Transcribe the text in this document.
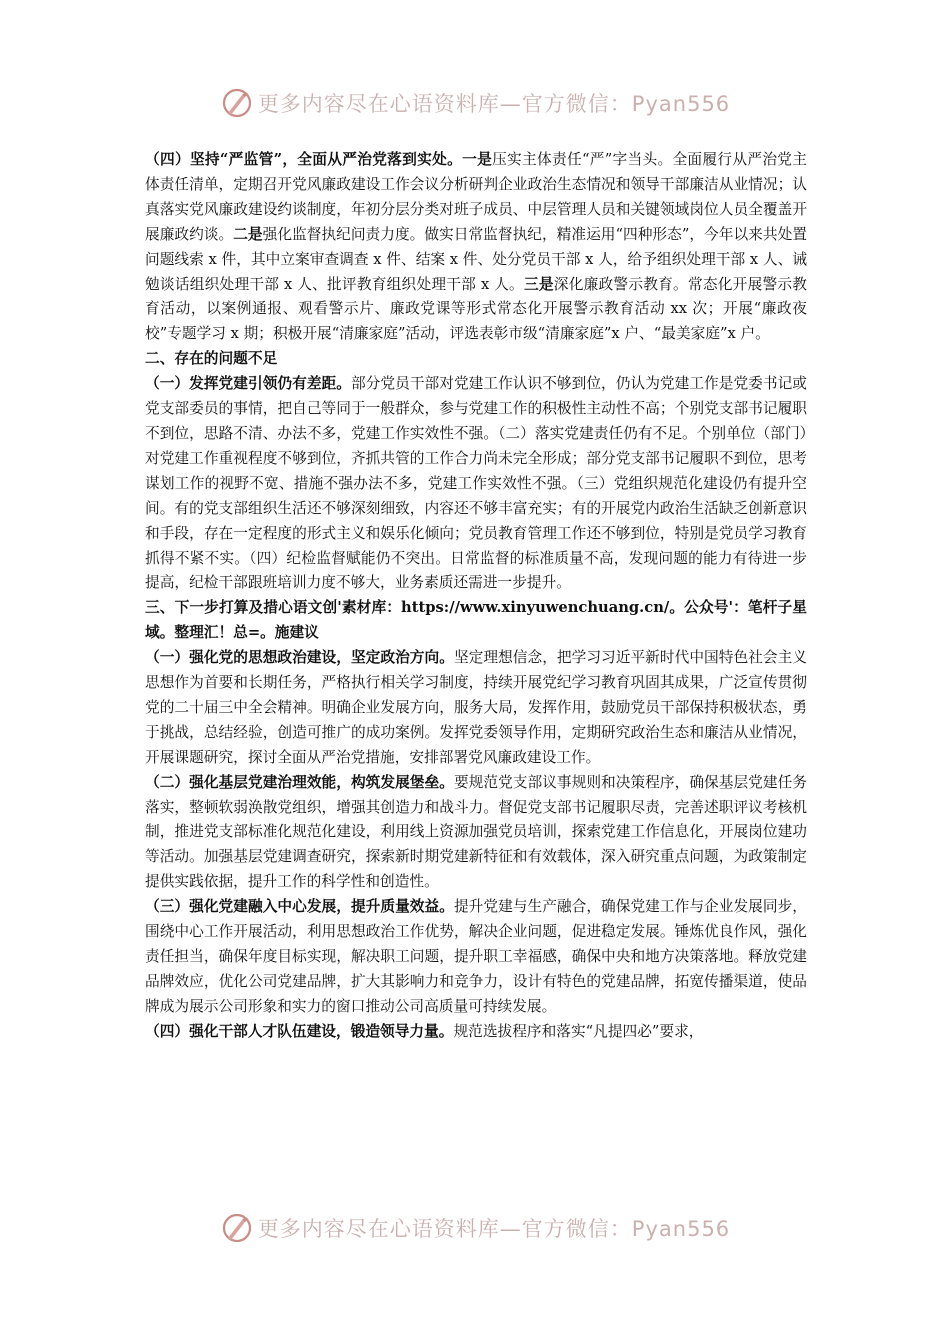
更多内容尽在心语资料库—官方微信：Pyan556

（四）坚持“严监管”，全面从严治党落到实处。一是压实主体责任“严”字当头。全面履行从严治党主体责任清单，定期召开党风廉政建设工作会议分析研判企业政治生态情况和领导干部廉洁从业情况；认真落实党风廉政建设约谈制度，年初分层分类对班子成员、中层管理人员和关键领域岗位人员全覆盖开展廉政约谈。二是强化监督执纪问责力度。做实日常监督执纪，精准运用“四种形态”，今年以来共处置问题线索 x 件，其中立案审查调查 x 件、结案 x 件、处分党员干部 x 人，给予组织处理干部 x 人、诫勉谈话组织处理干部 x 人、批评教育组织处理干部 x 人。三是深化廉政警示教育。常态化开展警示教育活动，以案例通报、观看警示片、廉政党课等形式常态化开展警示教育活动 xx 次；开展“廉政夜校”专题学习 x 期；积极开展“清廉家庭”活动，评选表彰市级“清廉家庭”x 户、“最美家庭”x 户。

二、存在的问题不足

（一）发挥党建引领仍有差距。部分党员干部对党建工作认识不够到位，仍认为党建工作是党委书记或党支部委员的事情，把自己等同于一般群众，参与党建工作的积极性主动性不高；个别党支部书记履职不到位，思路不清、办法不多，党建工作实效性不强。（二）落实党建责任仍有不足。个别单位（部门）对党建工作重视程度不够到位，齐抓共管的工作合力尚未完全形成；部分党支部书记履职不到位，思考谋划工作的视野不宽、措施不强办法不多，党建工作实效性不强。（三）党组织规范化建设仍有提升空间。有的党支部组织生活还不够深刻细致，内容还不够丰富充实；有的开展党内政治生活缺乏创新意识和手段，存在一定程度的形式主义和娱乐化倾向；党员教育管理工作还不够到位，特别是党员学习教育抓得不紧不实。（四）纪检监督赋能仍不突出。日常监督的标准质量不高，发现问题的能力有待进一步提高，纪检干部跟班培训力度不够大，业务素质还需进一步提升。

三、下一步打算及措心语文创'素材库：https://www.xinyuwenchuang.cn/。公众号'：笔杆子星域。整理汇！总=。施建议

（一）强化党的思想政治建设，坚定政治方向。坚定理想信念，把学习习近平新时代中国特色社会主义思想作为首要和长期任务，严格执行相关学习制度，持续开展党纪学习教育巩固其成果，广泛宣传贯彻党的二十届三中全会精神。明确企业发展方向，服务大局，发挥作用，鼓励党员干部保持积极状态，勇于挑战，总结经验，创造可推广的成功案例。发挥党委领导作用，定期研究政治生态和廉洁从业情况，开展课题研究，探讨全面从严治党措施，安排部署党风廉政建设工作。

（二）强化基层党建治理效能，构筑发展堡垒。要规范党支部议事规则和决策程序，确保基层党建任务落实，整顿软弱涣散党组织，增强其创造力和战斗力。督促党支部书记履职尽责，完善述职评议考核机制，推进党支部标准化规范化建设，利用线上资源加强党员培训，探索党建工作信息化，开展岗位建功等活动。加强基层党建调查研究，探索新时期党建新特征和有效载体，深入研究重点问题，为政策制定提供实践依据，提升工作的科学性和创造性。

（三）强化党建融入中心发展，提升质量效益。提升党建与生产融合，确保党建工作与企业发展同步，围绕中心工作开展活动，利用思想政治工作优势，解决企业问题，促进稳定发展。锤炼优良作风，强化责任担当，确保年度目标实现，解决职工问题，提升职工幸福感，确保中央和地方决策落地。释放党建品牌效应，优化公司党建品牌，扩大其影响力和竞争力，设计有特色的党建品牌，拓宽传播渠道，使品牌成为展示公司形象和实力的窗口推动公司高质量可持续发展。

（四）强化干部人才队伍建设，锻造领导力量。规范选拔程序和落实“凡提四必”要求，

更多内容尽在心语资料库—官方微信：Pyan556
